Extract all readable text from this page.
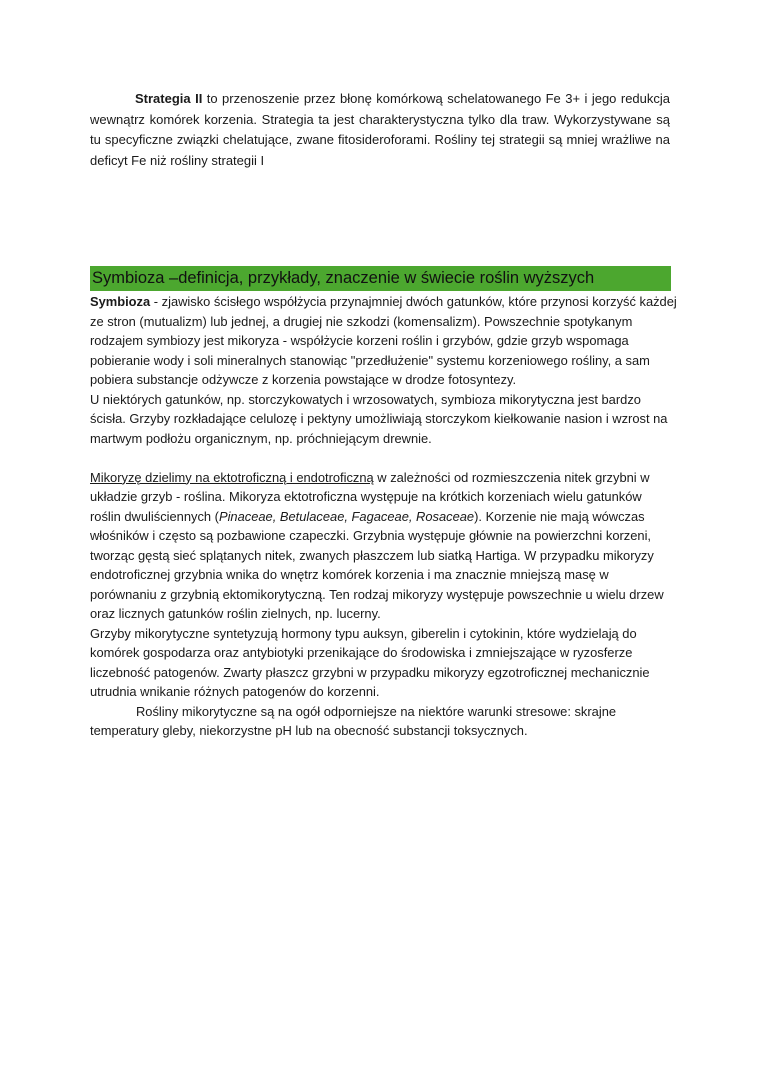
Strategia II to przenoszenie przez błonę komórkową schelatowanego Fe 3+ i jego redukcja wewnątrz komórek korzenia. Strategia ta jest charakterystyczna tylko dla traw. Wykorzystywane są tu specyficzne związki chelatujące, zwane fitosideroforami. Rośliny tej strategii są mniej wrażliwe na deficyt Fe niż rośliny strategii I

Symbioza –definicja, przykłady, znaczenie w świecie roślin wyższych
Symbioza - zjawisko ścisłego współżycia przynajmniej dwóch gatunków, które przynosi korzyść każdej
ze stron (mutualizm) lub jednej, a drugiej nie szkodzi (komensalizm). Powszechnie spotykanym
rodzajem symbiozy jest mikoryza - współżycie korzeni roślin i grzybów, gdzie grzyb wspomaga
pobieranie wody i soli mineralnych stanowiąc "przedłużenie" systemu korzeniowego rośliny, a sam
pobiera substancje odżywcze z korzenia powstające w drodze fotosyntezy.
U niektórych gatunków, np. storczykowatych i wrzosowatych, symbioza mikorytyczna jest bardzo
ścisła. Grzyby rozkładające celulozę i pektyny umożliwiają storczykom kiełkowanie nasion i wzrost na
martwym podłożu organicznym, np. próchniejącym drewnie.
Mikoryzę dzielimy na ektotroficzną i endotroficzną w zależności od rozmieszczenia nitek grzybni w
układzie grzyb - roślina. Mikoryza ektotroficzna występuje na krótkich korzeniach wielu gatunków
roślin dwuliściennych (Pinaceae, Betulaceae, Fagaceae, Rosaceae). Korzenie nie mają wówczas
włośników i często są pozbawione czapeczki. Grzybnia występuje głównie na powierzchni korzeni,
tworząc gęstą sieć splątanych nitek, zwanych płaszczem lub siatką Hartiga. W przypadku mikoryzy
endotroficznej grzybnia wnika do wnętrz komórek korzenia i ma znacznie mniejszą masę w
porównaniu z grzybnią ektomikorytyczną. Ten rodzaj mikoryzy występuje powszechnie u wielu drzew
oraz licznych gatunków roślin zielnych, np. lucerny.
Grzyby mikorytyczne syntetyzują hormony typu auksyn, giberelin i cytokinin, które wydzielają do
komórek gospodarza oraz antybiotyki przenikające do środowiska i zmniejszające w ryzosferze
liczebność patogenów. Zwarty płaszcz grzybni w przypadku mikoryzy egzotroficznej mechanicznie
utrudnia wnikanie różnych patogenów do korzenni.
Rośliny mikorytyczne są na ogół odporniejsze na niektóre warunki stresowe: skrajne
temperatury gleby, niekorzystne pH lub na obecność substancji toksycznych.
